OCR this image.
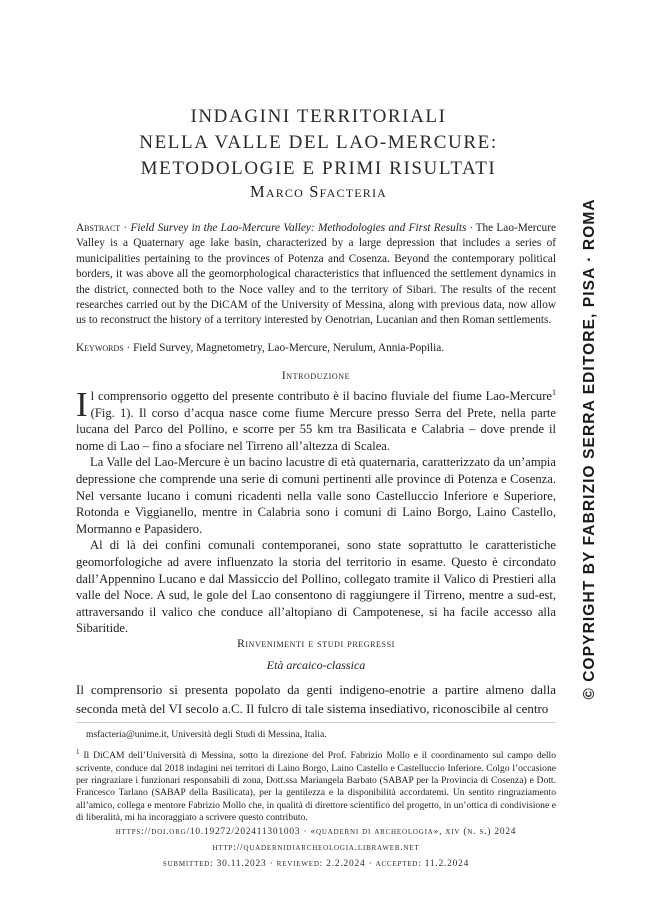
INDAGINI TERRITORIALI
NELLA VALLE DEL LAO-MERCURE:
METODOLOGIE E PRIMI RISULTATI
Marco Sfacteria
Abstract · Field Survey in the Lao-Mercure Valley: Methodologies and First Results · The Lao-Mercure Valley is a Quaternary age lake basin, characterized by a large depression that includes a series of municipalities pertaining to the provinces of Potenza and Cosenza. Beyond the contemporary political borders, it was above all the geomorphological characteristics that influenced the settlement dynamics in the district, connected both to the Noce valley and to the territory of Sibari. The results of the recent researches carried out by the DiCAM of the University of Messina, along with previous data, now allow us to reconstruct the history of a territory interested by Oenotrian, Lucanian and then Roman settlements.
Keywords · Field Survey, Magnetometry, Lao-Mercure, Nerulum, Annia-Popilia.
Introduzione

Il comprensorio oggetto del presente contributo è il bacino fluviale del fiume Lao-Mercure$^1$ (Fig. 1). Il corso d’acqua nasce come fiume Mercure presso Serra del Prete, nella parte lucana del Parco del Pollino, e scorre per 55 km tra Basilicata e Calabria – dove prende il nome di Lao – fino a sfociare nel Tirreno all’altezza di Scalea.

La Valle del Lao-Mercure è un bacino lacustre di età quaternaria, caratterizzato da un’ampia depressione che comprende una serie di comuni pertinenti alle province di Potenza e Cosenza. Nel versante lucano i comuni ricadenti nella valle sono Castelluccio Inferiore e Superiore, Rotonda e Viggianello, mentre in Calabria sono i comuni di Laino Borgo, Laino Castello, Mormanno e Papasidero.

Al di là dei confini comunali contemporanei, sono state soprattutto le caratteristiche geomorfologiche ad avere influenzato la storia del territorio in esame. Questo è circondato dall’Appennino Lucano e dal Massiccio del Pollino, collegato tramite il Valico di Prestieri alla valle del Noce. A sud, le gole del Lao consentono di raggiungere il Tirreno, mentre a sud-est, attraversando il valico che conduce all’altopiano di Campotenese, si ha facile accesso alla Sibaritide.

Rinvenimenti e studi pregressi
Età arcaico-classica
Il comprensorio si presenta popolato da genti indigeno-enotrie a partire almeno dalla seconda metà del VI secolo a.C. Il fulcro di tale sistema insediativo, riconoscibile al centro
msfacteria@unime.it, Università degli Studi di Messina, Italia.
$^1$ Il DiCAM dell’Università di Messina, sotto la direzione del Prof. Fabrizio Mollo e il coordinamento sul campo dello scrivente, conduce dal 2018 indagini nei territori di Laino Borgo, Laino Castello e Castelluccio Inferiore. Colgo l’occasione per ringraziare i funzionari responsabili di zona, Dott.ssa Mariangela Barbato (SABAP per la Provincia di Cosenza) e Dott. Francesco Tarlano (SABAP della Basilicata), per la gentilezza e la disponibilità accordatemi. Un sentito ringraziamento all’amico, collega e mentore Fabrizio Mollo che, in qualità di direttore scientifico del progetto, in un’ottica di condivisione e di liberalità, mi ha incoraggiato a scrivere questo contributo.
https://doi.org/10.19272/202411301003 · «quaderni di archeologia», xiv (n. s.) 2024
http://quadernidiarcheologia.libraweb.net
submitted: 30.11.2023 · reviewed: 2.2.2024 · accepted: 11.2.2024
© COPYRIGHT BY FABRIZIO SERRA EDITORE, PISA · ROMA
